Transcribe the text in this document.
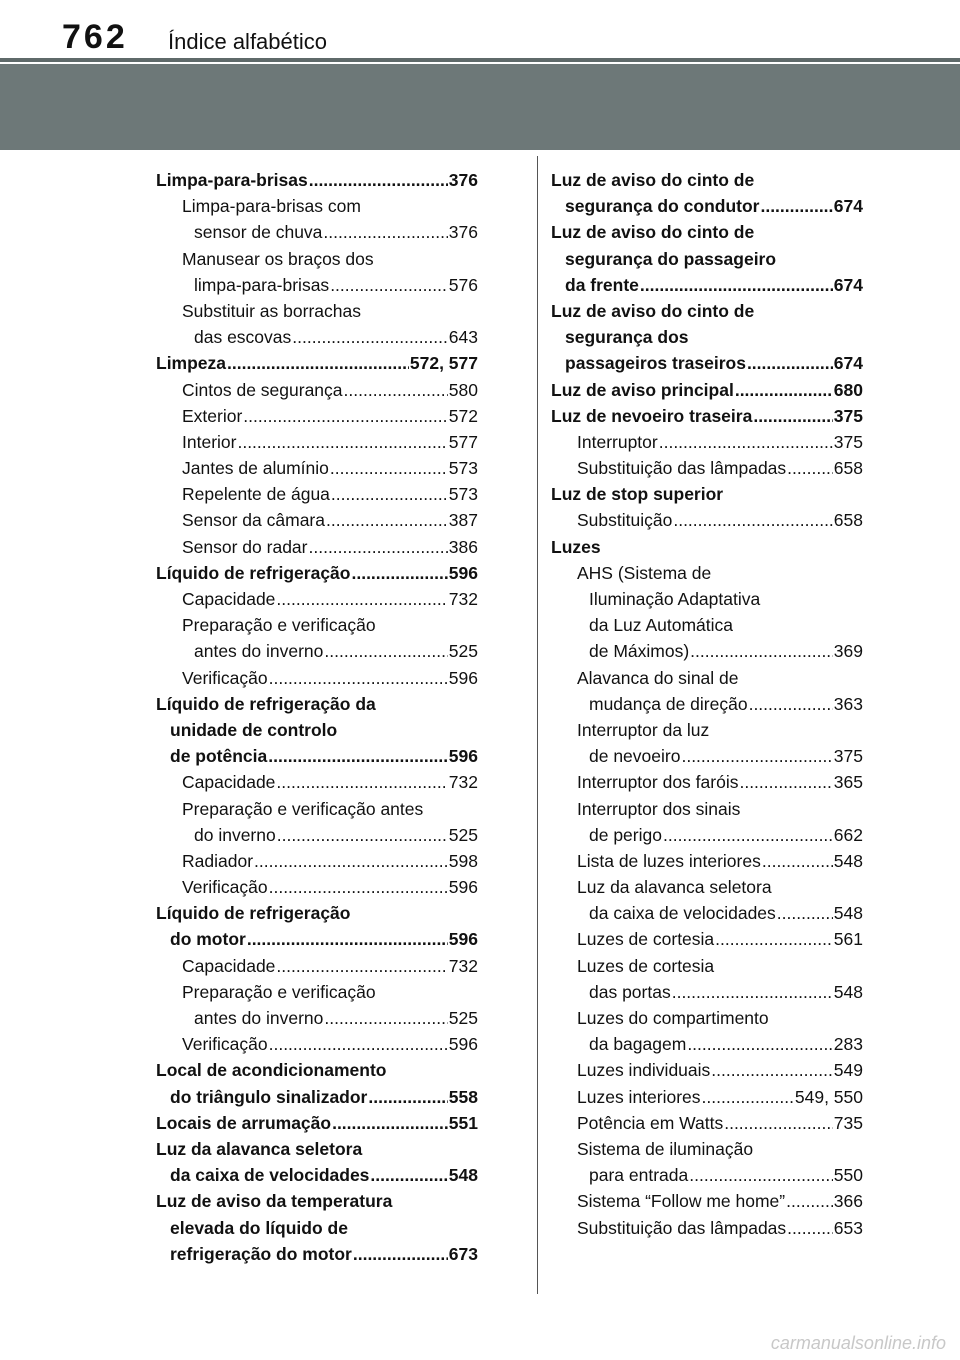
762 Índice alfabético
Limpa-para-brisas .....	376
Limpa-para-brisas com
sensor de chuva .....	376
Manusear os braços dos
limpa-para-brisas .....	576
Substituir as borrachas
das escovas .....	643
Limpeza .....	572, 577
Cintos de segurança .....	580
Exterior .....	572
Interior .....	577
Jantes de alumínio .....	573
Repelente de água .....	573
Sensor da câmara .....	387
Sensor do radar .....	386
Líquido de refrigeração .....	596
Capacidade .....	732
Preparação e verificação
antes do inverno .....	525
Verificação .....	596
Líquido de refrigeração da
unidade de controlo
de potência .....	596
Capacidade .....	732
Preparação e verificação antes
do inverno .....	525
Radiador .....	598
Verificação .....	596
Líquido de refrigeração
do motor .....	596
Capacidade .....	732
Preparação e verificação
antes do inverno .....	525
Verificação .....	596
Local de acondicionamento
do triângulo sinalizador .....	558
Locais de arrumação .....	551
Luz da alavanca seletora
da caixa de velocidades .....	548
Luz de aviso da temperatura
elevada do líquido de
refrigeração do motor .....	673
Luz de aviso do cinto de
segurança do condutor .....	674
Luz de aviso do cinto de
segurança do passageiro
da frente .....	674
Luz de aviso do cinto de
segurança dos
passageiros traseiros .....	674
Luz de aviso principal .....	680
Luz de nevoeiro traseira .....	375
Interruptor .....	375
Substituição das lâmpadas .....	658
Luz de stop superior
Substituição .....	658
Luzes
AHS (Sistema de
Iluminação Adaptativa
da Luz Automática
de Máximos) .....	369
Alavanca do sinal de
mudança de direção .....	363
Interruptor da luz
de nevoeiro .....	375
Interruptor dos faróis .....	365
Interruptor dos sinais
de perigo .....	662
Lista de luzes interiores .....	548
Luz da alavanca seletora
da caixa de velocidades .....	548
Luzes de cortesia .....	561
Luzes de cortesia
das portas .....	548
Luzes do compartimento
da bagagem .....	283
Luzes individuais .....	549
Luzes interiores .....	549, 550
Potência em Watts .....	735
Sistema de iluminação
para entrada .....	550
Sistema “Follow me home” .....	366
Substituição das lâmpadas .....	653
carmanualsonline.info
